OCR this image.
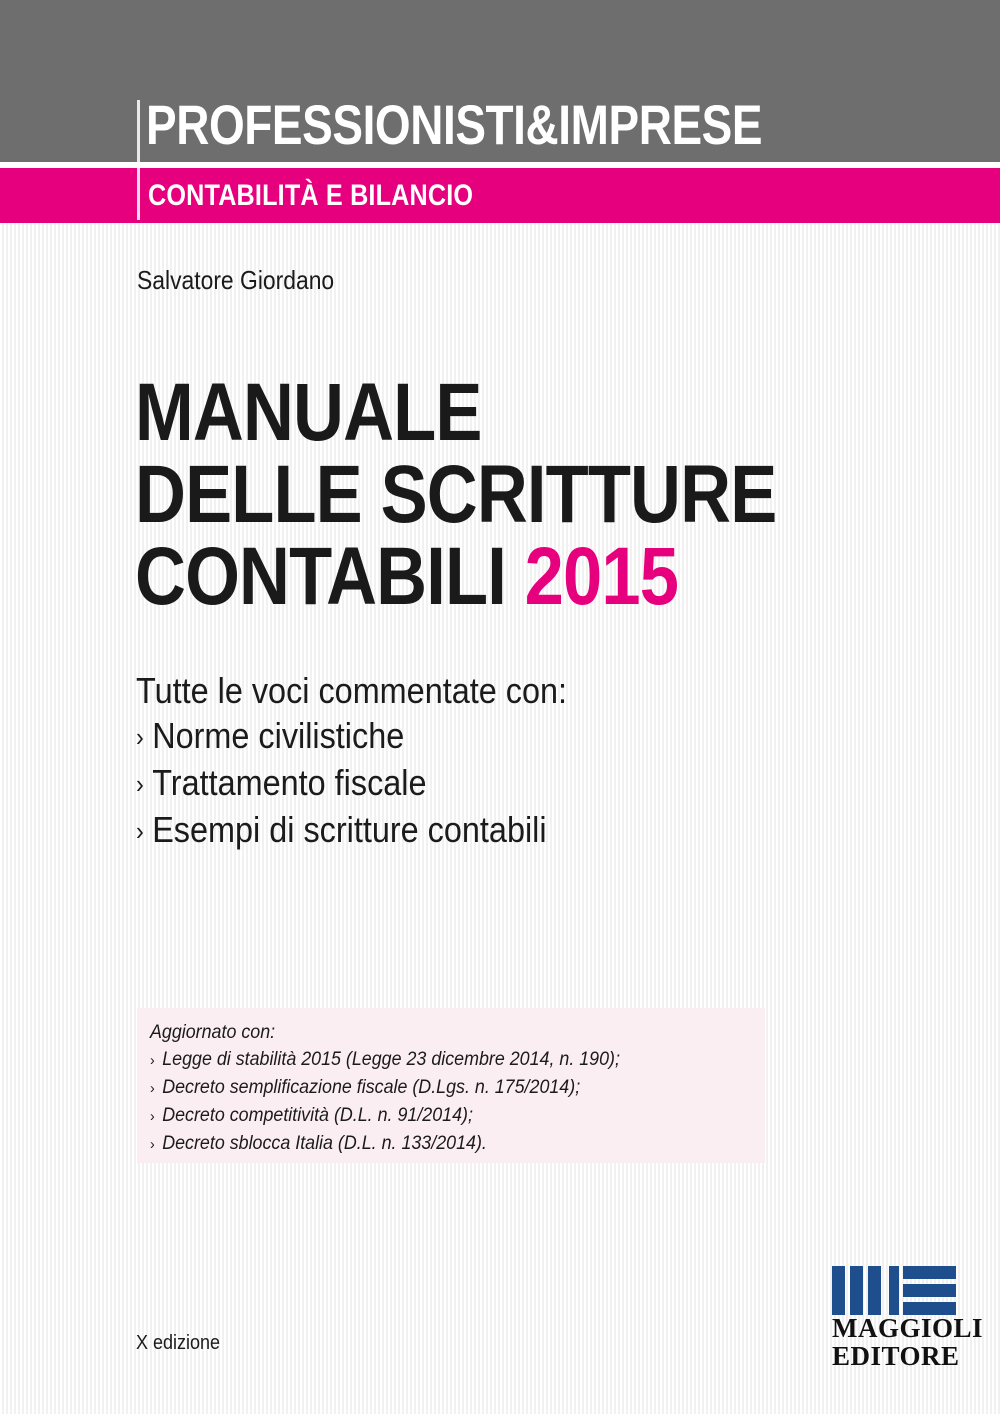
PROFESSIONISTI&IMPRESE
CONTABILITÀ E BILANCIO
Salvatore Giordano
MANUALE
DELLE SCRITTURE
CONTABILI 2015
Tutte le voci commentate con:
› Norme civilistiche
› Trattamento fiscale
› Esempi di scritture contabili
Aggiornato con:
› Legge di stabilità 2015 (Legge 23 dicembre 2014, n. 190);
› Decreto semplificazione fiscale (D.Lgs. n. 175/2014);
› Decreto competitività (D.L. n. 91/2014);
› Decreto sblocca Italia (D.L. n. 133/2014).
X edizione	MAGGIOLI
EDITORE
